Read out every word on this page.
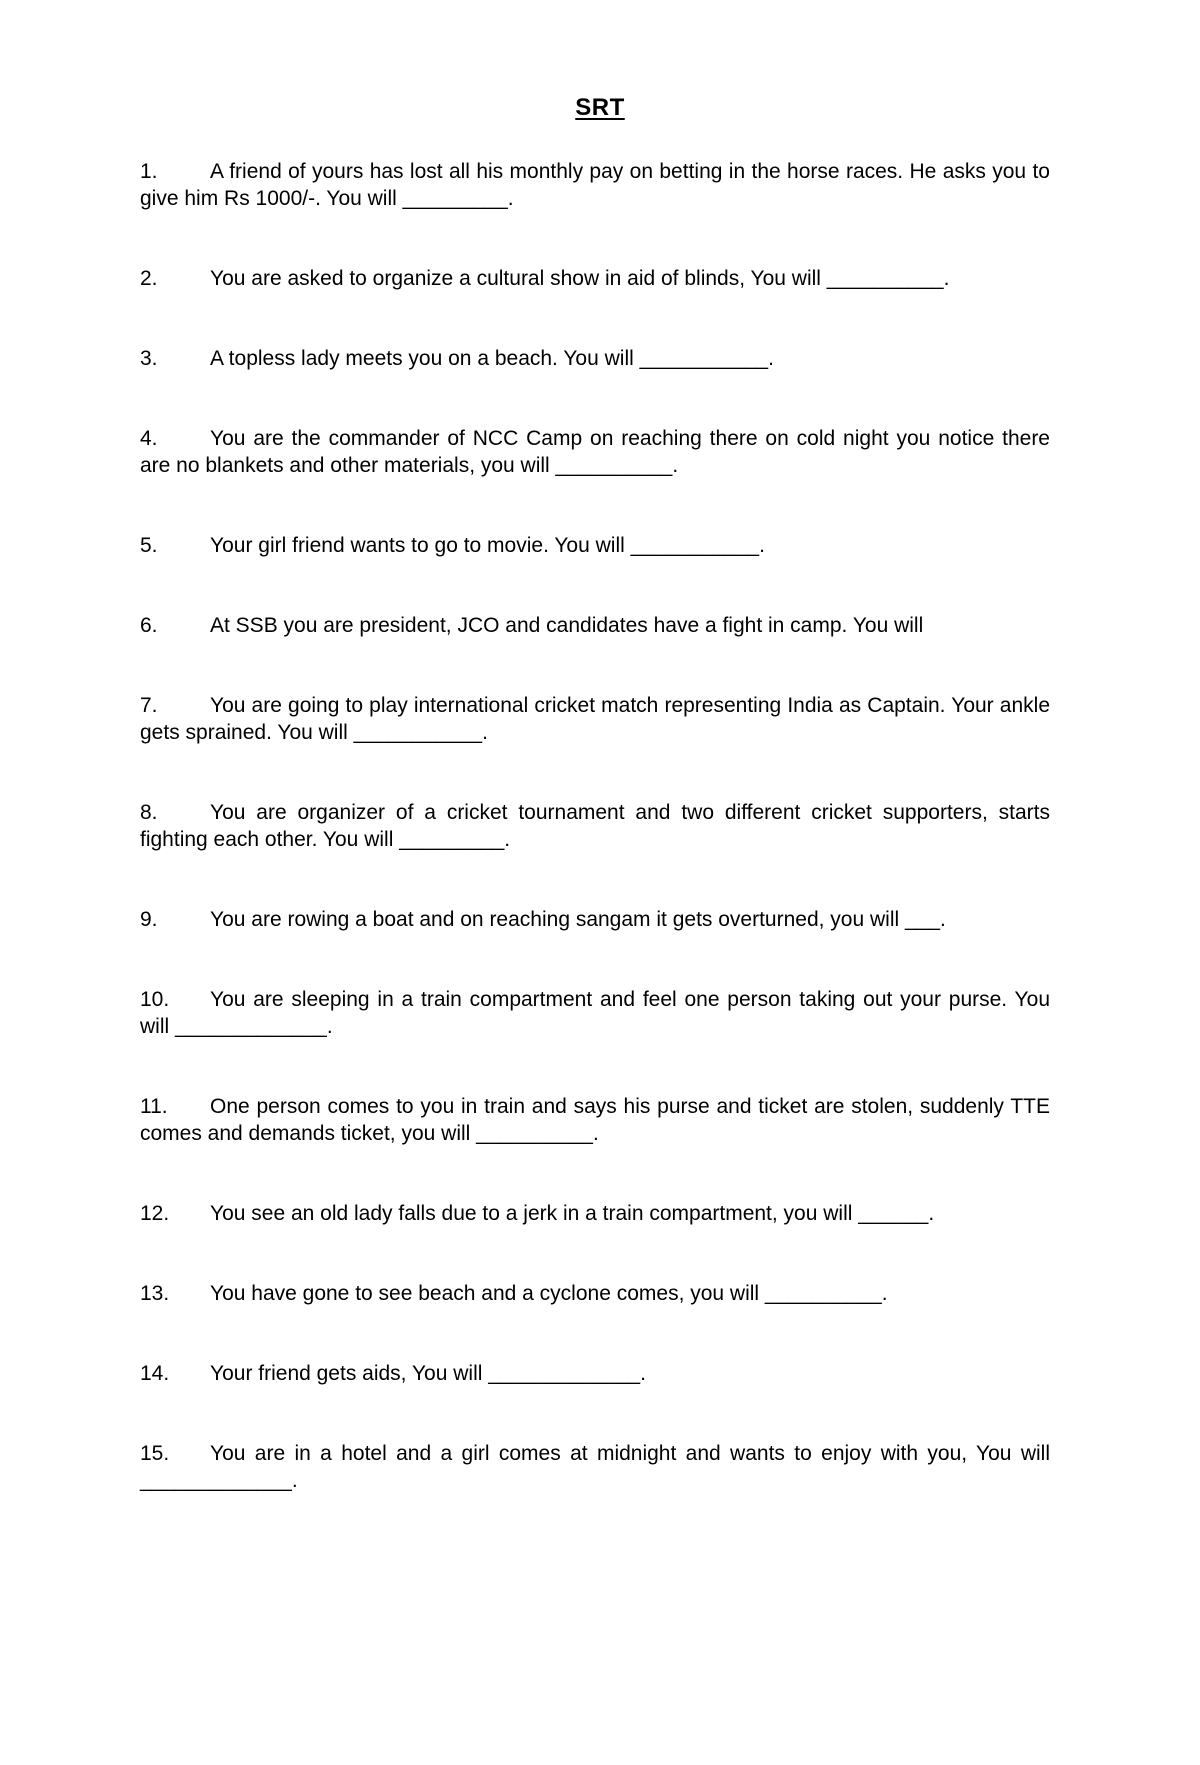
SRT
1. A friend of yours has lost all his monthly pay on betting in the horse races. He asks you to give him Rs 1000/-. You will _________.
2. You are asked to organize a cultural show in aid of blinds, You will __________.
3. A topless lady meets you on a beach. You will ___________.
4. You are the commander of NCC Camp on reaching there on cold night you notice there are no blankets and other materials, you will __________.
5. Your girl friend wants to go to movie. You will ___________.
6. At SSB you are president, JCO and candidates have a fight in camp. You will
7. You are going to play international cricket match representing India as Captain. Your ankle gets sprained. You will ___________.
8. You are organizer of a cricket tournament and two different cricket supporters, starts fighting each other. You will _________.
9. You are rowing a boat and on reaching sangam it gets overturned, you will ___.
10. You are sleeping in a train compartment and feel one person taking out your purse. You will _____________.
11. One person comes to you in train and says his purse and ticket are stolen, suddenly TTE comes and demands ticket, you will __________.
12. You see an old lady falls due to a jerk in a train compartment, you will ______.
13. You have gone to see beach and a cyclone comes, you will __________.
14. Your friend gets aids, You will _____________.
15. You are in a hotel and a girl comes at midnight and wants to enjoy with you, You will _____________.
